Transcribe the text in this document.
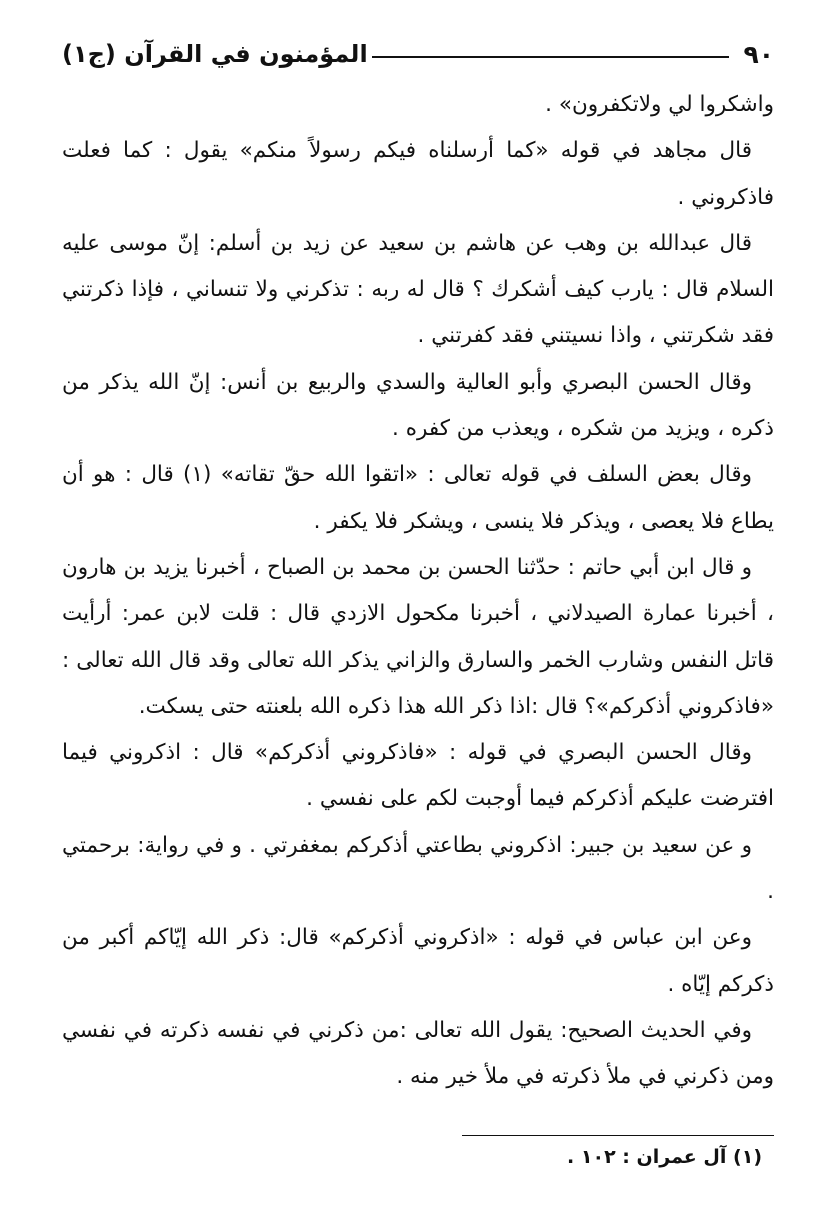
٩٠
المؤمنون في القرآن (ج١)

واشكروا لي ولاتكفرون» .

قال مجاهد في قوله «كما أرسلناه فيكم رسولاً منكم» يقول : كما فعلت فاذكروني .

قال عبدالله بن وهب عن هاشم بن سعيد عن زيد بن أسلم: إنّ موسى عليه السلام قال : يارب كيف أشكرك ؟ قال له ربه : تذكرني ولا تنساني ، فإذا ذكرتني فقد شكرتني ، واذا نسيتني فقد كفرتني .

وقال الحسن البصري وأبو العالية والسدي والربيع بن أنس: إنّ الله يذكر من ذكره ، ويزيد من شكره ، ويعذب من كفره .

وقال بعض السلف في قوله تعالى : «اتقوا الله حقّ تقاته» (١) قال : هو أن يطاع فلا يعصى ، ويذكر فلا ينسى ، ويشكر فلا يكفر .

و قال ابن أبي حاتم : حدّثنا الحسن بن محمد بن الصباح ، أخبرنا يزيد بن هارون ، أخبرنا عمارة الصيدلاني ، أخبرنا مكحول الازدي قال : قلت لابن عمر: أرأيت قاتل النفس وشارب الخمر والسارق والزاني يذكر الله تعالى وقد قال الله تعالى : «فاذكروني أذكركم»؟ قال :اذا ذكر الله هذا ذكره الله بلعنته حتى يسكت.

وقال الحسن البصري في قوله : «فاذكروني أذكركم» قال : اذكروني فيما افترضت عليكم أذكركم فيما أوجبت لكم على نفسي .

و عن سعيد بن جبير: اذكروني بطاعتي أذكركم بمغفرتي . و في رواية: برحمتي .

وعن ابن عباس في قوله : «اذكروني أذكركم» قال: ذكر الله إيّاكم أكبر من ذكركم إيّاه .

وفي الحديث الصحيح: يقول الله تعالى :من ذكرني في نفسه ذكرته في نفسي ومن ذكرني في ملأ ذكرته في ملأ خير منه .

(١) آل عمران : ١٠٢ .
